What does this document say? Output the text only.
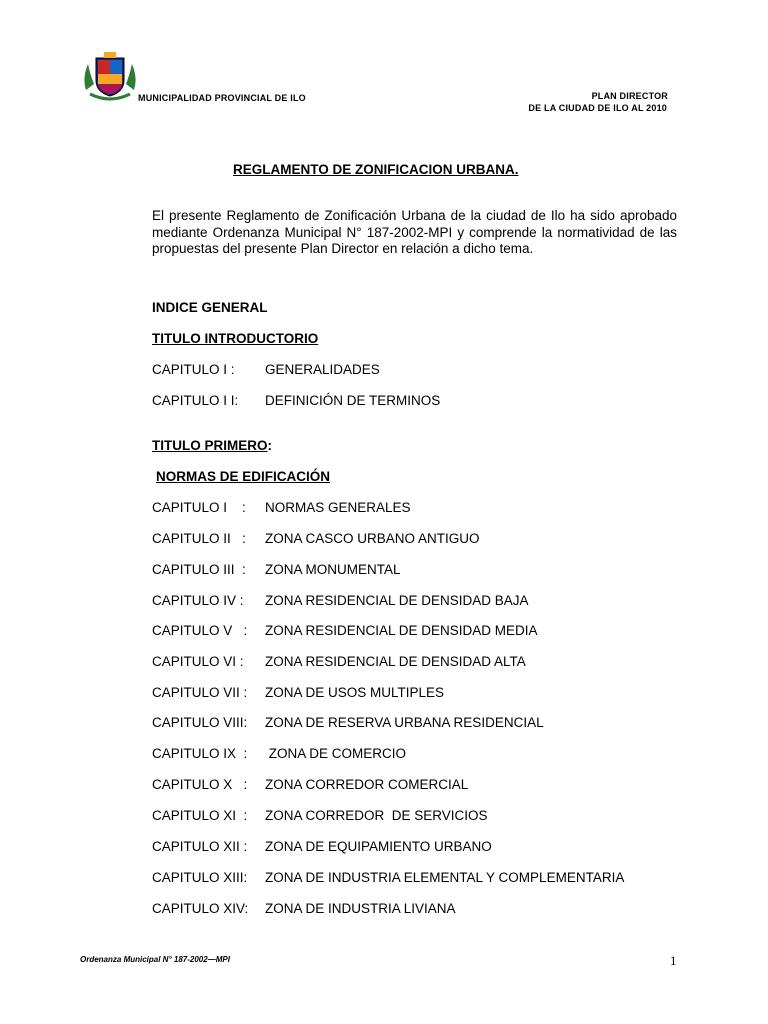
MUNICIPALIDAD PROVINCIAL DE ILO	PLAN DIRECTOR
DE LA CIUDAD DE ILO AL 2010
REGLAMENTO DE ZONIFICACION URBANA.
El presente Reglamento de Zonificación Urbana de la ciudad de Ilo ha sido aprobado mediante Ordenanza Municipal N° 187-2002-MPI y comprende la normatividad de las propuestas del presente Plan Director en relación a dicho tema.
INDICE GENERAL
TITULO INTRODUCTORIO
CAPITULO I : GENERALIDADES
CAPITULO I I: DEFINICIÓN DE TERMINOS
TITULO PRIMERO:
NORMAS DE EDIFICACIÓN
CAPITULO I    : NORMAS GENERALES
CAPITULO II   : ZONA CASCO URBANO ANTIGUO
CAPITULO III  : ZONA MONUMENTAL
CAPITULO IV : ZONA RESIDENCIAL DE DENSIDAD BAJA
CAPITULO V   : ZONA RESIDENCIAL DE DENSIDAD MEDIA
CAPITULO VI : ZONA RESIDENCIAL DE DENSIDAD ALTA
CAPITULO VII : ZONA DE USOS MULTIPLES
CAPITULO VIII: ZONA DE RESERVA URBANA RESIDENCIAL
CAPITULO IX  : ZONA DE COMERCIO
CAPITULO X   : ZONA CORREDOR COMERCIAL
CAPITULO XI  : ZONA CORREDOR  DE SERVICIOS
CAPITULO XII : ZONA DE EQUIPAMIENTO URBANO
CAPITULO XIII: ZONA DE INDUSTRIA ELEMENTAL Y COMPLEMENTARIA
CAPITULO XIV: ZONA DE INDUSTRIA LIVIANA
Ordenanza Municipal N° 187-2002—MPI	1
